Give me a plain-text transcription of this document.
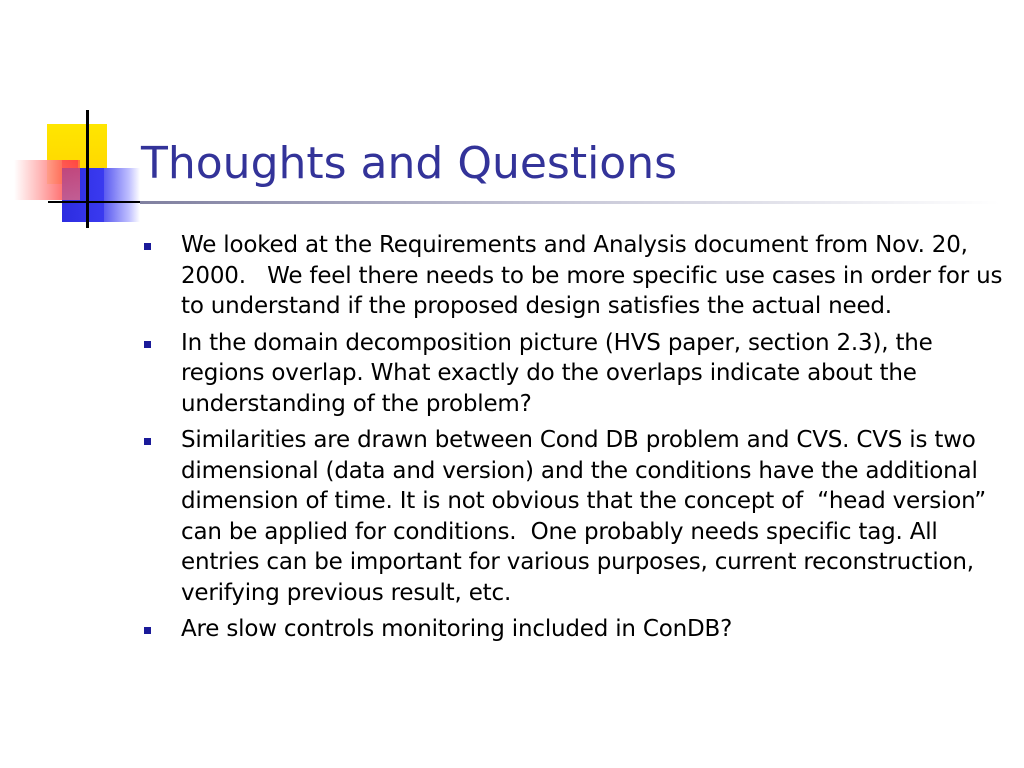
Thoughts and Questions
We looked at the Requirements and Analysis document from Nov. 20, 2000.   We feel there needs to be more specific use cases in order for us to understand if the proposed design satisfies the actual need.
In the domain decomposition picture (HVS paper, section 2.3), the regions overlap. What exactly do the overlaps indicate about the understanding of the problem?
Similarities are drawn between Cond DB problem and CVS. CVS is two dimensional (data and version) and the conditions have the additional dimension of time. It is not obvious that the concept of  “head version” can be applied for conditions.  One probably needs specific tag. All entries can be important for various purposes, current reconstruction, verifying previous result, etc.
Are slow controls monitoring included in ConDB?
